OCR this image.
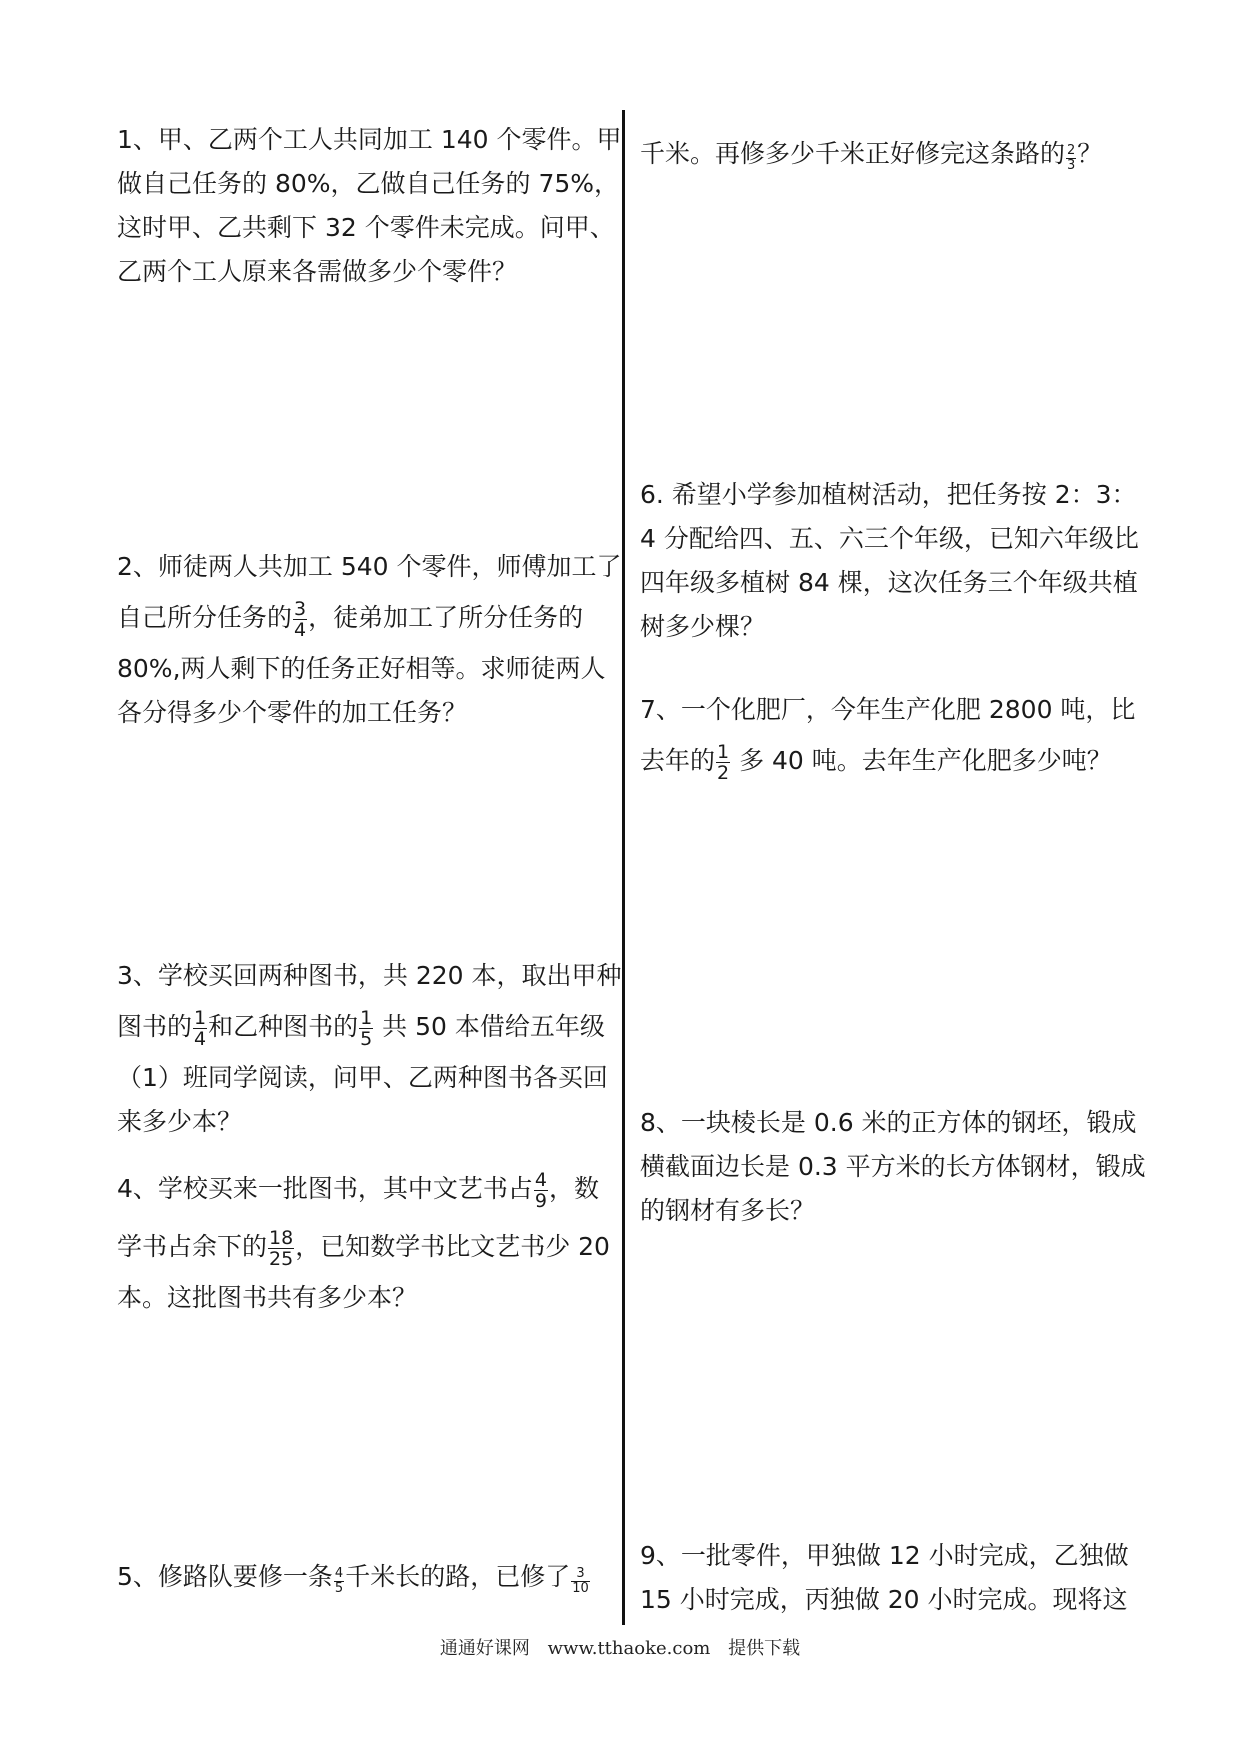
1、甲、乙两个工人共同加工 140 个零件。甲
做自己任务的 80%，乙做自己任务的 75%，
这时甲、乙共剩下 32 个零件未完成。问甲、
乙两个工人原来各需做多少个零件？
2、师徒两人共加工 540 个零件，师傅加工了
自己所分任务的 $\frac{3}{4}$ ，徒弟加工了所分任务的
80%,两人剩下的任务正好相等。求师徒两人
各分得多少个零件的加工任务？
3、学校买回两种图书，共 220 本，取出甲种
图书的 $\frac{1}{4}$ 和乙种图书的 $\frac{1}{5}$ 共 50 本借给五年级
（1）班同学阅读，问甲、乙两种图书各买回
来多少本？
4、学校买来一批图书，其中文艺书占 $\frac{4}{9}$ ，数
学书占余下的 $\frac{18}{25}$ ，已知数学书比文艺书少 20
本。这批图书共有多少本？
5、修路队要修一条 $\frac{4}{5}$ 千米长的路，已修了 $\frac{3}{10}$
千米。再修多少千米正好修完这条路的 $\frac{2}{3}$ ？
6. 希望小学参加植树活动，把任务按 2：3：
4 分配给四、五、六三个年级，已知六年级比
四年级多植树 84 棵，这次任务三个年级共植
树多少棵？
7、一个化肥厂，今年生产化肥 2800 吨，比
去年的 $\frac{1}{2}$ 多 40 吨。去年生产化肥多少吨？
8、一块棱长是 0.6 米的正方体的钢坯，锻成
横截面边长是 0.3 平方米的长方体钢材，锻成
的钢材有多长？
9、一批零件，甲独做 12 小时完成，乙独做
15 小时完成，丙独做 20 小时完成。现将这
通通好课网 www.tthaoke.com 提供下载
